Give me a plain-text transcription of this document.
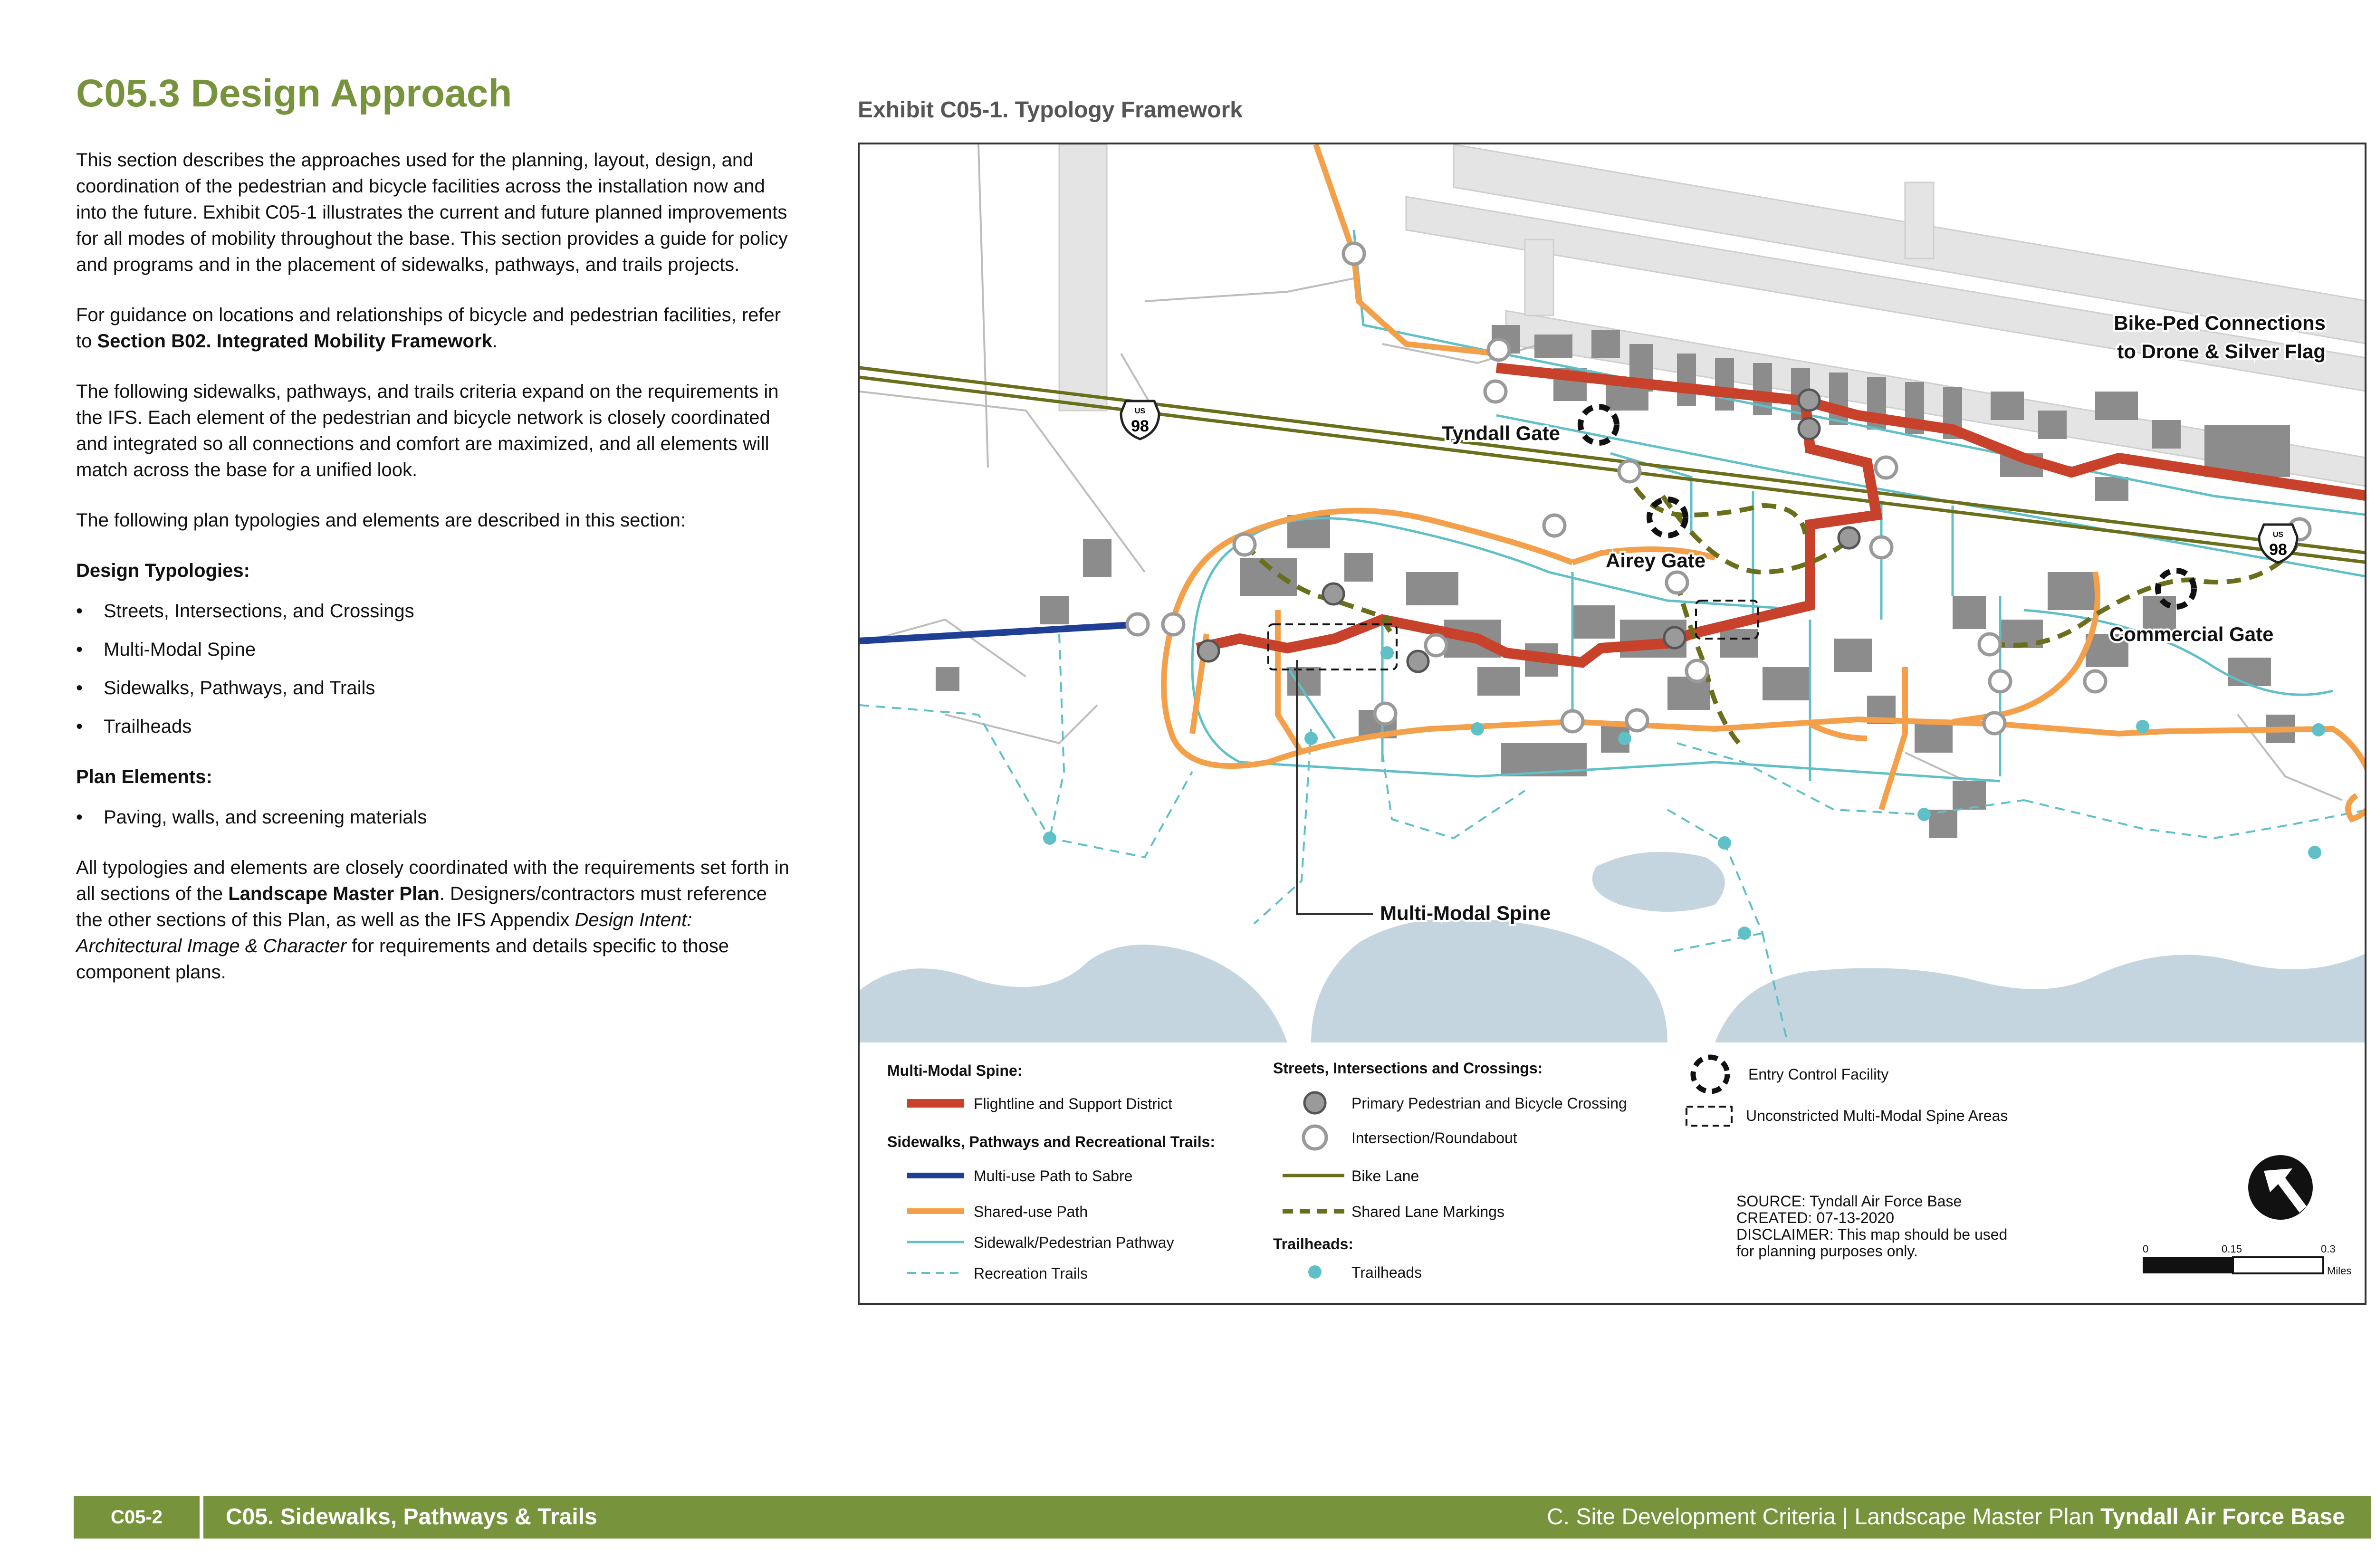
C05.3 Design Approach

This section describes the approaches used for the planning, layout, design, and coordination of the pedestrian and bicycle facilities across the installation now and into the future. Exhibit C05-1 illustrates the current and future planned improvements for all modes of mobility throughout the base. This section provides a guide for policy and programs and in the placement of sidewalks, pathways, and trails projects.

For guidance on locations and relationships of bicycle and pedestrian facilities, refer to Section B02. Integrated Mobility Framework.

The following sidewalks, pathways, and trails criteria expand on the requirements in the IFS. Each element of the pedestrian and bicycle network is closely coordinated and integrated so all connections and comfort are maximized, and all elements will match across the base for a unified look.

The following plan typologies and elements are described in this section:

Design Typologies:
• Streets, Intersections, and Crossings
• Multi-Modal Spine
• Sidewalks, Pathways, and Trails
• Trailheads
Plan Elements:
• Paving, walls, and screening materials

All typologies and elements are closely coordinated with the requirements set forth in all sections of the Landscape Master Plan. Designers/contractors must reference the other sections of this Plan, as well as the IFS Appendix Design Intent: Architectural Image & Character for requirements and details specific to those component plans.

Exhibit C05-1. Typology Framework
US
98
US
98
Tyndall Gate
Airey Gate
Commercial Gate
Bike-Ped Connections
to Drone & Silver Flag
Multi-Modal Spine
Multi-Modal Spine:
Flightline and Support District
Sidewalks, Pathways and Recreational Trails:
Multi-use Path to Sabre
Shared-use Path
Sidewalk/Pedestrian Pathway
Recreation Trails
Streets, Intersections and Crossings:
Primary Pedestrian and Bicycle Crossing
Intersection/Roundabout
Bike Lane
Shared Lane Markings
Trailheads:
Trailheads
Entry Control Facility
Unconstricted Multi-Modal Spine Areas
SOURCE: Tyndall Air Force Base
CREATED: 07-13-2020
DISCLAIMER: This map should be used
for planning purposes only.	0	0.15	0.3
Miles
C05-2	C05. Sidewalks, Pathways & Trails	C. Site Development Criteria | Landscape Master Plan Tyndall Air Force Base
